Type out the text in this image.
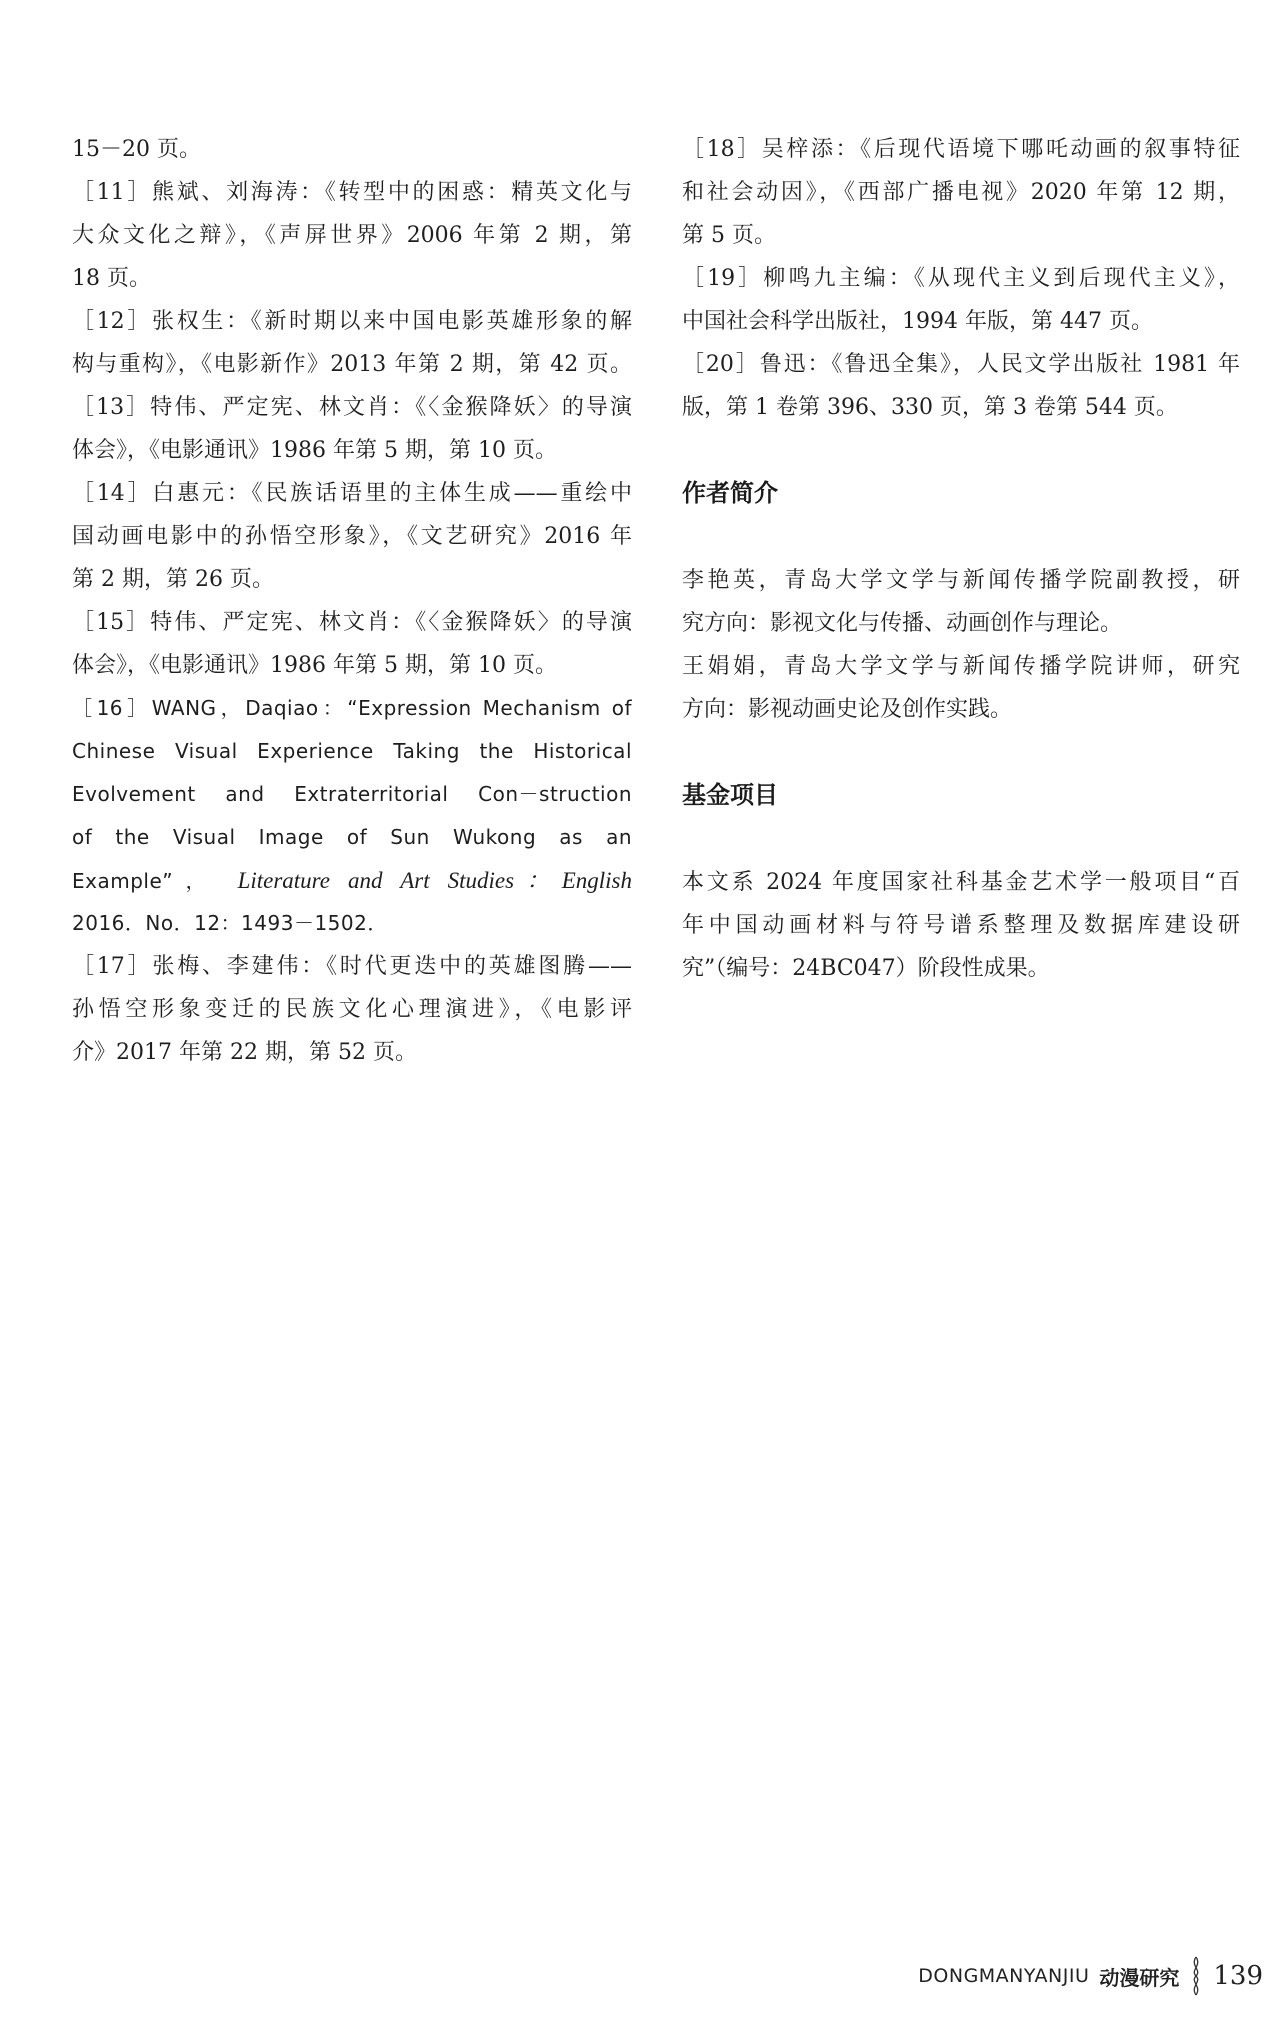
15－20 页。
［11］熊斌、刘海涛：《转型中的困惑：精英文化与
大众文化之辩》，《声屏世界》2006 年第 2 期，第
18 页。
［12］张权生：《新时期以来中国电影英雄形象的解
构与重构》，《电影新作》2013 年第 2 期，第 42 页。
［13］特伟、严定宪、林文肖：《〈金猴降妖〉的导演
体会》，《电影通讯》1986 年第 5 期，第 10 页。
［14］白惠元：《民族话语里的主体生成——重绘中
国动画电影中的孙悟空形象》，《文艺研究》2016 年
第 2 期，第 26 页。
［15］特伟、严定宪、林文肖：《〈金猴降妖〉的导演
体会》，《电影通讯》1986 年第 5 期，第 10 页。
［16］WANG，Daqiao：“Expression Mechanism of
Chinese Visual Experience Taking the Historical
Evolvement and Extraterritorial Con－struction
of the Visual Image of Sun Wukong as an
Example”， Literature and Art Studies：English
2016．No．12：1493－1502．
［17］张梅、李建伟：《时代更迭中的英雄图腾——
孙悟空形象变迁的民族文化心理演进》，《电影评
介》2017 年第 22 期，第 52 页。
［18］吴梓添：《后现代语境下哪吒动画的叙事特征
和社会动因》，《西部广播电视》2020 年第 12 期，
第 5 页。
［19］柳鸣九主编：《从现代主义到后现代主义》，
中国社会科学出版社，1994 年版，第 447 页。
［20］鲁迅：《鲁迅全集》，人民文学出版社 1981 年
版，第 1 卷第 396、330 页，第 3 卷第 544 页。
作者简介
李艳英，青岛大学文学与新闻传播学院副教授，研
究方向：影视文化与传播、动画创作与理论。
王娟娟，青岛大学文学与新闻传播学院讲师，研究
方向：影视动画史论及创作实践。
基金项目
本文系 2024 年度国家社科基金艺术学一般项目“百
年中国动画材料与符号谱系整理及数据库建设研
究”（编号：24BC047）阶段性成果。
DONGMANYANJIU 动漫研究 139
